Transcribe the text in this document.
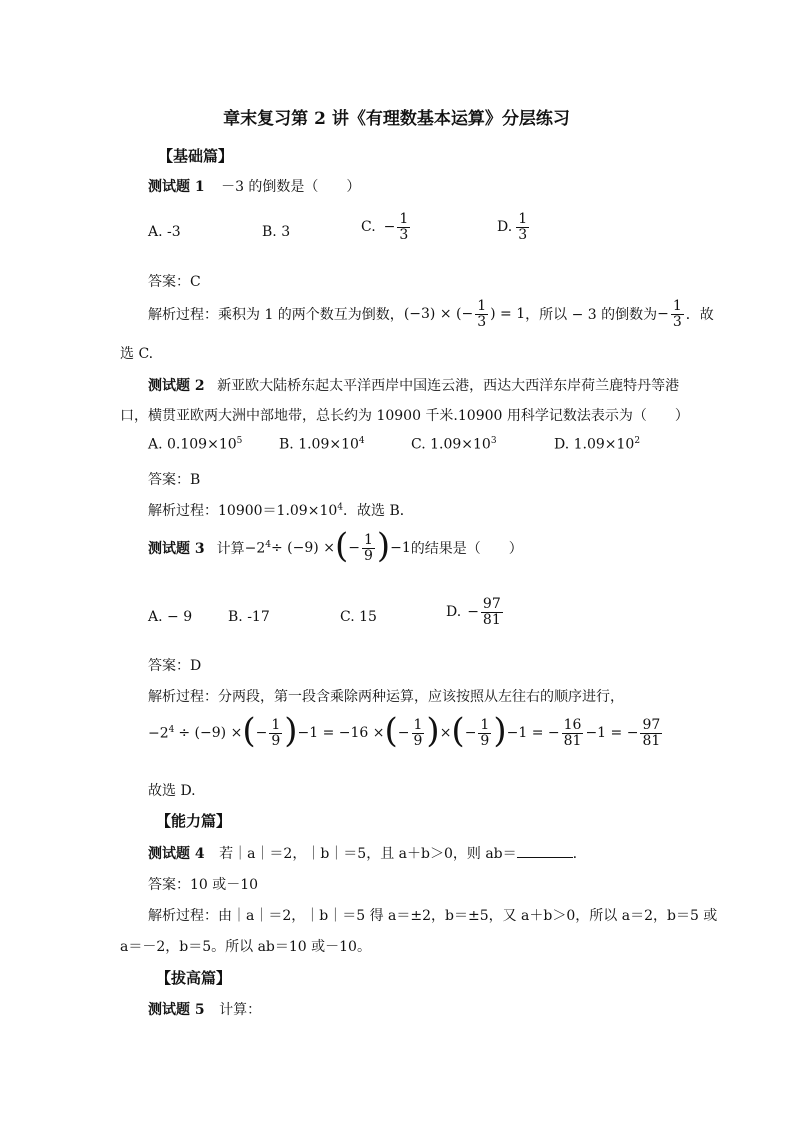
章末复习第 2 讲《有理数基本运算》分层练习
【基础篇】
测试题 1 －3 的倒数是（　　）
A. -3	B. 3	C. − $\frac{1}{3}$	D. $\frac{1}{3}$
答案：C
解析过程：乘积为 1 的两个数互为倒数， (−3) × (− $\frac{1}{3}$ ) = 1 ，所以 − 3 的倒数为 − $\frac{1}{3}$ ．故
选 C.
测试题 2 新亚欧大陆桥东起太平洋西岸中国连云港，西达大西洋东岸荷兰鹿特丹等港
口，横贯亚欧两大洲中部地带，总长约为 10900 千米.10900 用科学记数法表示为（　　）
A. $0.109\times 10^5$	B. $1.09\times 10^4$	C. $1.09\times 10^3$	D. $1.09\times 10^2$
答案：B
解析过程：$10900=1.09\times 10^4$．故选 B．
测试题 3 计算 $-2^4 \div (-9)$ × ( − $\frac{1}{9}$ ) −1 的结果是（　　）
A. − 9	B. -17	C. 15	D. − $\frac{97}{81}$
答案：D
解析过程：分两段，第一段含乘除两种运算，应该按照从左往右的顺序进行，
$-2^4 \div (-9)$ × ( − $\frac{1}{9}$ ) −1 = −16 × ( − $\frac{1}{9}$ ) × ( − $\frac{1}{9}$ ) −1 = − $\frac{16}{81} -1$ = − $\frac{97}{81}$
故选 D.
【能力篇】
测试题 4 若｜a｜＝2，｜b｜＝5，且 a＋b＞0，则 ab＝	.
答案：10 或－10
解析过程：由｜a｜＝2，｜b｜＝5 得 a＝±2，b＝±5，又 a＋b＞0，所以 a＝2，b＝5 或
a＝－2，b＝5。所以 ab＝10 或－10。
【拔高篇】
测试题 5 计算：
